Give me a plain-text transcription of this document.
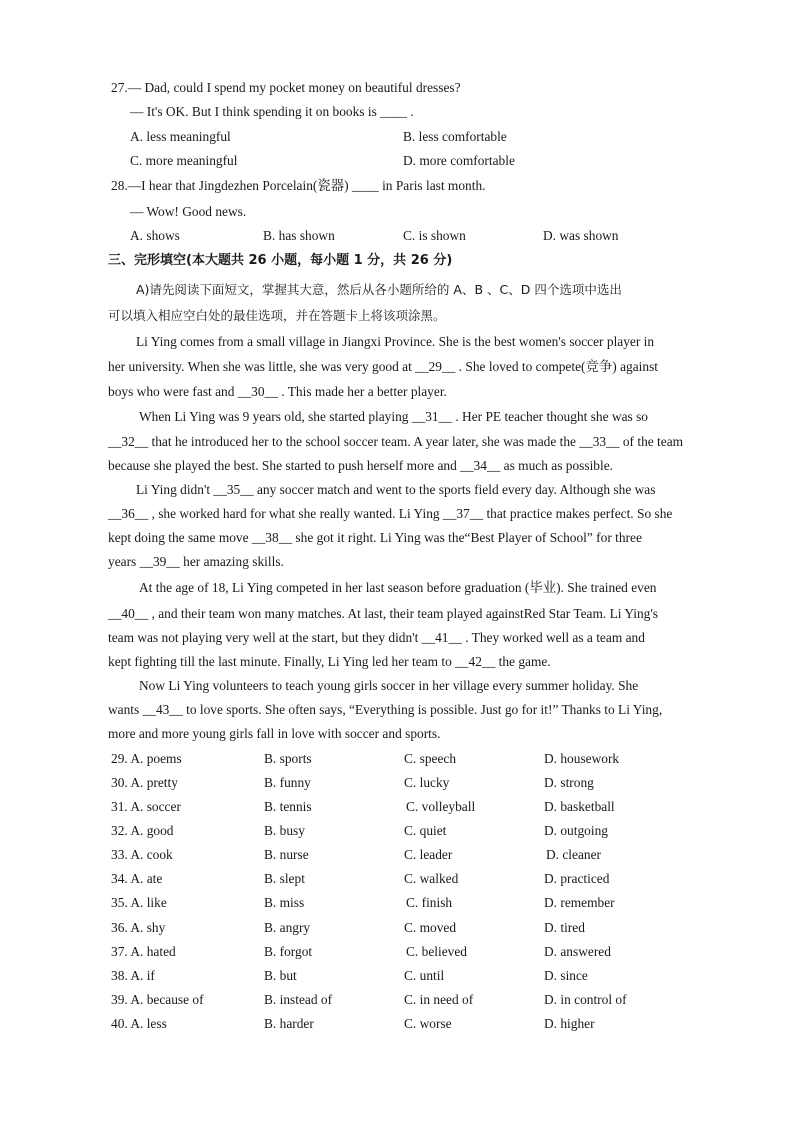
27.— Dad, could I spend my pocket money on beautiful dresses?
— It's OK. But I think spending it on books is ____ .
A. less meaningful	B. less comfortable
C. more meaningful	D. more comfortable
28.—I hear that Jingdezhen Porcelain(瓷器) ____ in Paris last month.
— Wow! Good news.
A. shows	B. has shown	C. is shown	D. was shown
三、完形填空(本大题共 26 小题，每小题 1 分，共 26 分)
A)请先阅读下面短文，掌握其大意，然后从各小题所给的 A、B 、C、D 四个选项中选出
可以填入相应空白处的最佳选项，并在答题卡上将该项涂黑。
Li Ying comes from a small village in Jiangxi Province. She is the best women's soccer player in
her university. When she was little, she was very good at __29__ . She loved to compete(竞争) against
boys who were fast and __30__ . This made her a better player.
When Li Ying was 9 years old, she started playing __31__ . Her PE teacher thought she was so
__32__ that he introduced her to the school soccer team. A year later, she was made the __33__ of the team
because she played the best. She started to push herself more and __34__ as much as possible.
Li Ying didn't __35__ any soccer match and went to the sports field every day. Although she was
__36__ , she worked hard for what she really wanted. Li Ying __37__ that practice makes perfect. So she
kept doing the same move __38__ she got it right. Li Ying was the“Best Player of School” for three
years __39__ her amazing skills.
At the age of 18, Li Ying competed in her last season before graduation (毕业). She trained even
__40__ , and their team won many matches. At last, their team played againstRed Star Team. Li Ying's
team was not playing very well at the start, but they didn't __41__ . They worked well as a team and
kept fighting till the last minute. Finally, Li Ying led her team to __42__ the game.
Now Li Ying volunteers to teach young girls soccer in her village every summer holiday. She
wants __43__ to love sports. She often says, “Everything is possible. Just go for it!” Thanks to Li Ying,
more and more young girls fall in love with soccer and sports.
29. A. poems	B. sports	C. speech	D. housework
30. A. pretty	B. funny	C. lucky	D. strong
31. A. soccer	B. tennis	C. volleyball	D. basketball
32. A. good	B. busy	C. quiet	D. outgoing
33. A. cook	B. nurse	C. leader	D. cleaner
34. A. ate	B. slept	C. walked	D. practiced
35. A. like	B. miss	C. finish	D. remember
36. A. shy	B. angry	C. moved	D. tired
37. A. hated	B. forgot	C. believed	D. answered
38. A. if	B. but	C. until	D. since
39. A. because of	B. instead of	C. in need of	D. in control of
40. A. less	B. harder	C. worse	D. higher
